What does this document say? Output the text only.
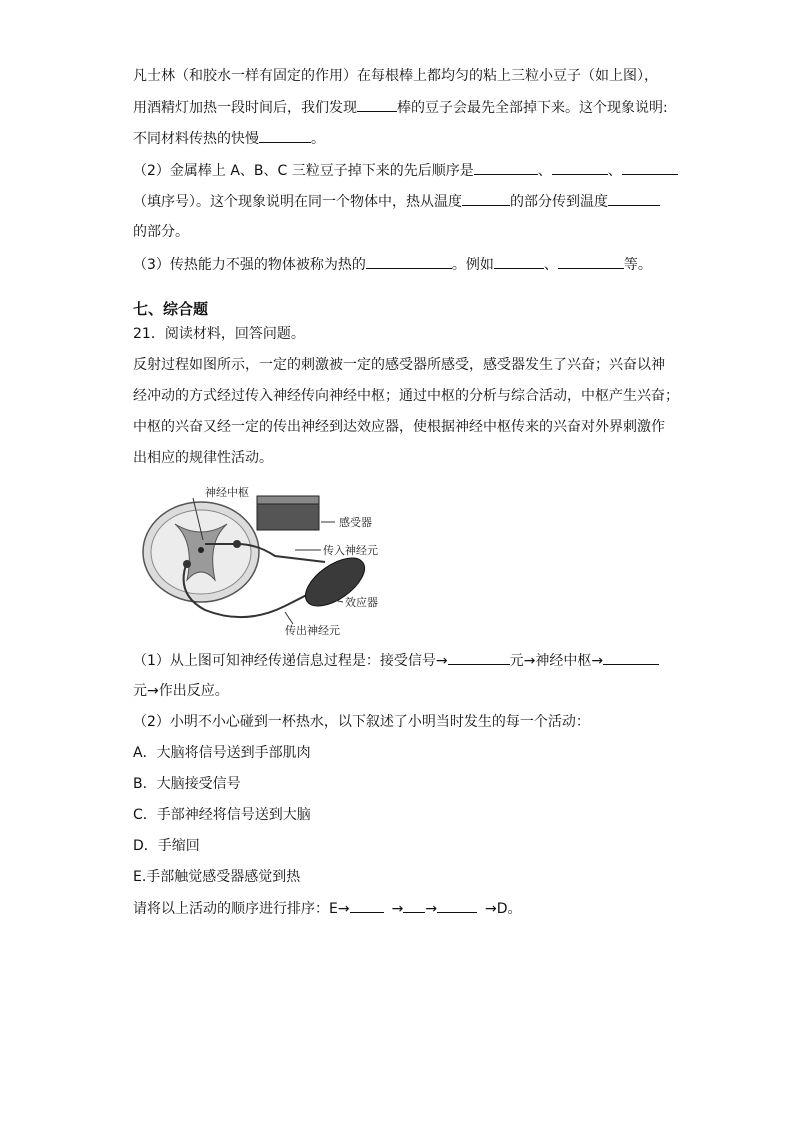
凡士林（和胶水一样有固定的作用）在每根棒上都均匀的粘上三粒小豆子（如上图），
用酒精灯加热一段时间后，我们发现	棒的豆子会最先全部掉下来。这个现象说明:
不同材料传热的快慢	。
（2）金属棒上 A、B、C 三粒豆子掉下来的先后顺序是	、	、
（填序号）。这个现象说明在同一个物体中，热从温度	的部分传到温度
的部分。
（3）传热能力不强的物体被称为热的	。例如	、	等。
七、综合题
21．阅读材料，回答问题。
反射过程如图所示，一定的刺激被一定的感受器所感受，感受器发生了兴奋；兴奋以神
经冲动的方式经过传入神经传向神经中枢；通过中枢的分析与综合活动，中枢产生兴奋；
中枢的兴奋又经一定的传出神经到达效应器，使根据神经中枢传来的兴奋对外界刺激作
出相应的规律性活动。
神经中枢
感受器
传入神经元
效应器
传出神经元
（1）从上图可知神经传递信息过程是：接受信号→	元→神经中枢→
元→作出反应。
（2）小明不小心碰到一杯热水，以下叙述了小明当时发生的每一个活动：
A．大脑将信号送到手部肌肉
B．大脑接受信号
C．手部神经将信号送到大脑
D．手缩回
E.手部触觉感受器感觉到热
请将以上活动的顺序进行排序：E→	→ →	→D。
